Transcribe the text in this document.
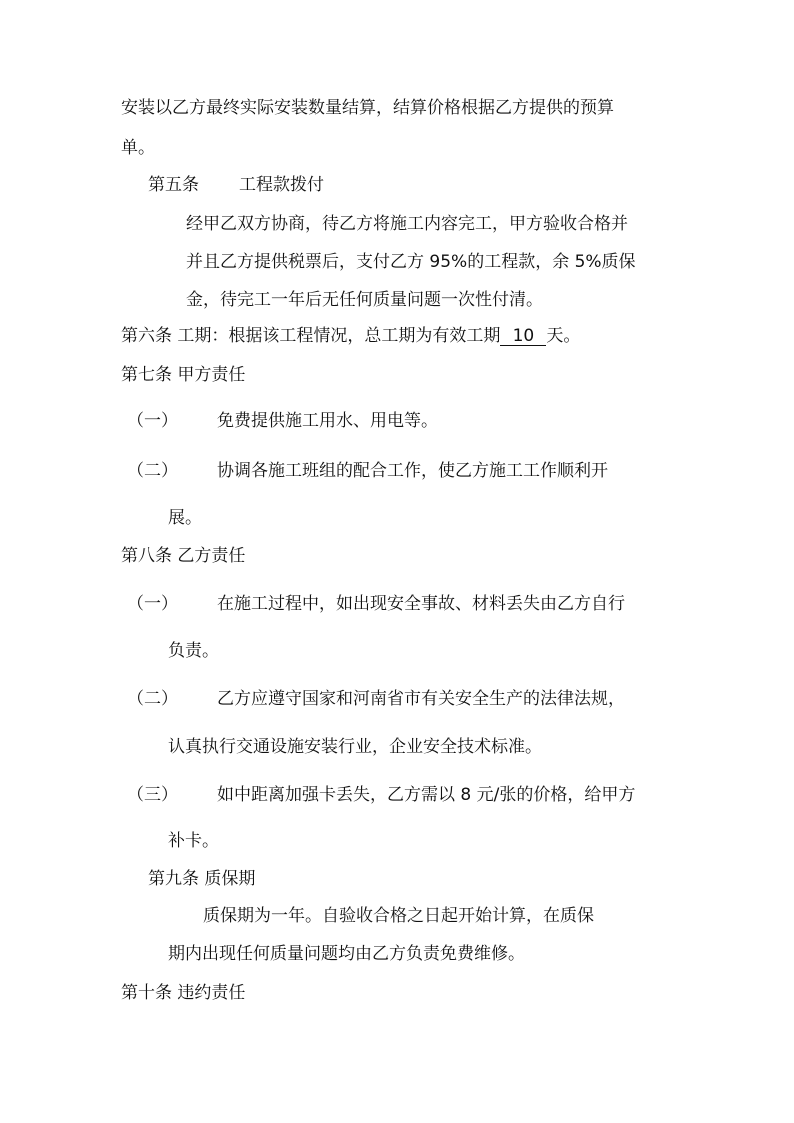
安装以乙方最终实际安装数量结算，结算价格根据乙方提供的预算
单。
第五条 工程款拨付
经甲乙双方协商，待乙方将施工内容完工，甲方验收合格并
并且乙方提供税票后，支付乙方 95%的工程款，余 5%质保
金，待完工一年后无任何质量问题一次性付清。
第六条 工期：根据该工程情况，总工期为有效工期 10 天。
第七条 甲方责任
（一） 免费提供施工用水、用电等。
（二） 协调各施工班组的配合工作，使乙方施工工作顺利开
展。
第八条 乙方责任
（一） 在施工过程中，如出现安全事故、材料丢失由乙方自行
负责。
（二） 乙方应遵守国家和河南省市有关安全生产的法律法规，
认真执行交通设施安装行业，企业安全技术标准。
（三） 如中距离加强卡丢失，乙方需以 8 元/张的价格，给甲方
补卡。
第九条 质保期
质保期为一年。自验收合格之日起开始计算，在质保
期内出现任何质量问题均由乙方负责免费维修。
第十条 违约责任
